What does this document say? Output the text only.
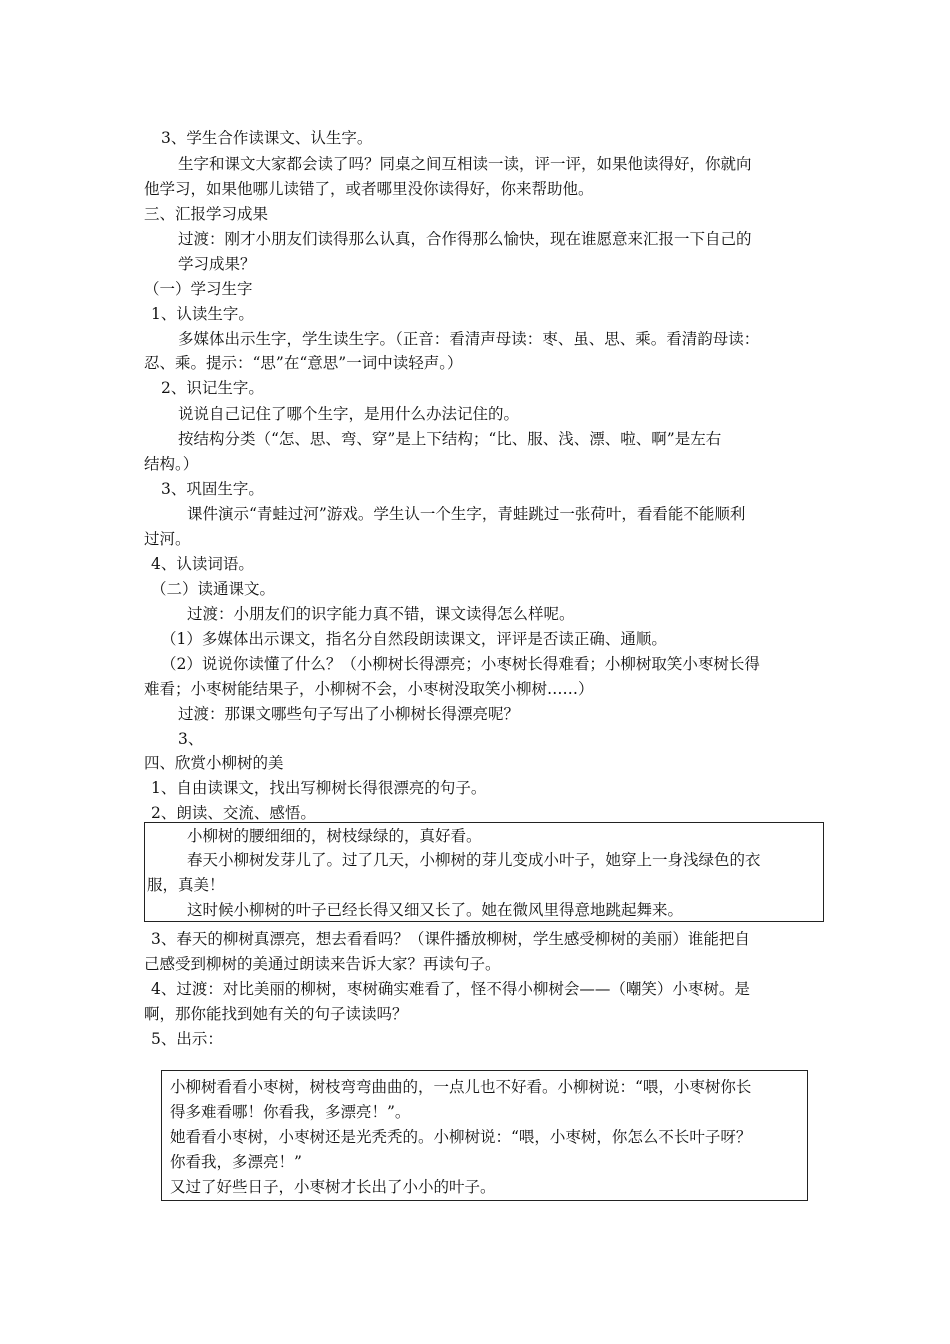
3、学生合作读课文、认生字。
生字和课文大家都会读了吗？同桌之间互相读一读，评一评，如果他读得好，你就向
他学习，如果他哪儿读错了，或者哪里没你读得好，你来帮助他。
三、汇报学习成果
过渡：刚才小朋友们读得那么认真，合作得那么愉快，现在谁愿意来汇报一下自己的
学习成果？
（一）学习生字
1、认读生字。
多媒体出示生字，学生读生字。（正音：看清声母读：枣、虽、思、乘。看清韵母读：
忍、乘。提示：“思”在“意思”一词中读轻声。）
2、识记生字。
说说自己记住了哪个生字，是用什么办法记住的。
按结构分类（“怎、思、弯、穿”是上下结构；“比、服、浅、漂、啦、啊”是左右
结构。）
3、巩固生字。
课件演示“青蛙过河”游戏。学生认一个生字，青蛙跳过一张荷叶，看看能不能顺利
过河。
4、认读词语。
（二）读通课文。
过渡：小朋友们的识字能力真不错，课文读得怎么样呢。
（1）多媒体出示课文，指名分自然段朗读课文，评评是否读正确、通顺。
（2）说说你读懂了什么？（小柳树长得漂亮；小枣树长得难看；小柳树取笑小枣树长得
难看；小枣树能结果子，小柳树不会，小枣树没取笑小柳树……）
过渡：那课文哪些句子写出了小柳树长得漂亮呢？
3、
四、欣赏小柳树的美
1、自由读课文，找出写柳树长得很漂亮的句子。
2、朗读、交流、感悟。
小柳树的腰细细的，树枝绿绿的，真好看。
春天小柳树发芽儿了。过了几天，小柳树的芽儿变成小叶子，她穿上一身浅绿色的衣
服，真美！
这时候小柳树的叶子已经长得又细又长了。她在微风里得意地跳起舞来。
3、春天的柳树真漂亮，想去看看吗？（课件播放柳树，学生感受柳树的美丽）谁能把自
己感受到柳树的美通过朗读来告诉大家？再读句子。
4、过渡：对比美丽的柳树，枣树确实难看了，怪不得小柳树会——（嘲笑）小枣树。是
啊，那你能找到她有关的句子读读吗？
5、出示：
小柳树看看小枣树，树枝弯弯曲曲的，一点儿也不好看。小柳树说：“喂，小枣树你长
得多难看哪！你看我，多漂亮！”。
她看看小枣树，小枣树还是光秃秃的。小柳树说：“喂，小枣树，你怎么不长叶子呀？
你看我，多漂亮！”
又过了好些日子，小枣树才长出了小小的叶子。
